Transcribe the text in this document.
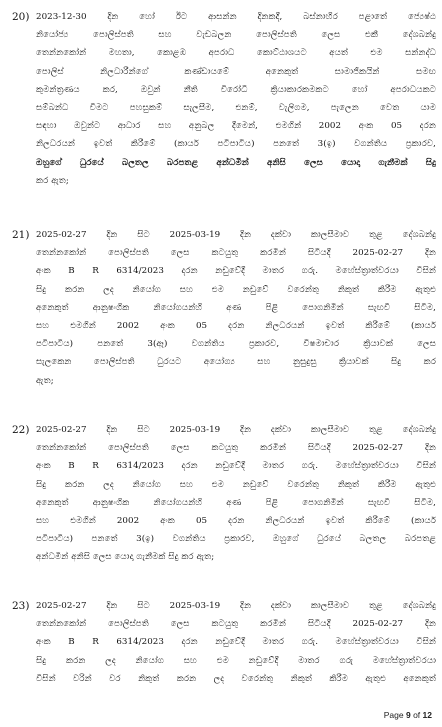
20) 2023-12-30 දින හෝ ඊට ආසන්න දිනකදී, බස්නාහිර පළාතේ ජ්‍යෙෂ්ඨ
නියෝජ්‍ය පොලිස්පති සහ වැඩබලන පොලිස්පති ලෙස එකී දේශබන්දු
තෙන්නකෝන් මහතා, කොළඹ අපරාධ කොට්ඨාශයට අයත් එම සන්නද්ධ
පොලිස් නිලධාරීන්ගේ කණ්ඩායමේ අනෙකුත් සාමාජිකයින් සමඟ
කුමන්ත්‍රණය කර, ඔවුන් නීති විරෝධී ක්‍රියාකාරකමකට හෝ අපරාධයකට
සම්බන්ධ වීමට පහසුකම් සැලසීම, එනම්, වැලිගම, පැලෙන වෙත යාම
සඳහා ඔවුන්ට ආධාර සහ අනුබල දීමෙන්, එමගින් 2002 අංක 05 දරන
නිලධරයන් ඉවත් කිරීමේ (කාර්ය පටිපාටිය) පනතේ 3(ඉ) වගන්තිය ප්‍රකාරව,
ඔහුගේ ධුරයේ බලතල බරපතළ අන්ධමින් අනිසි ලෙස යොදා ගැනීමක් සිදු
කර ඇත;
21) 2025-02-27 දින සිට 2025-03-19 දින දක්වා කාලසීමාව තුළ දේශබන්දු
තෙන්නකෝන් පොලිස්පති ලෙස කටයුතු කරමින් සිටියදී 2025-02-27 දින
අංක B R 6314/2023 දරන නඩුවේදී මාතර ගරු. මහේස්ත්‍රාත්වරයා විසින්
සිදු කරන ලද නියෝග සහ එම නඩුවේ වරෙන්තු නිකුත් කිරීම ඇතුළු
අනෙකුත් ආනුෂංගික නියෝගයන්හි අණ පිළි පොගනිමින් සැඟවී සිටීම,
සහ එමගින් 2002 අංක 05 දරන නිලධරයන් ඉවත් කිරීමේ (කාර්ය
පටිපාටිය) පනතේ 3(ඈ) වගන්තිය ප්‍රකාරව, විෂමාචාර ක්‍රියාවක් ලෙස
සැලකෙන පොලිස්පති ධුරයට අයෝග්‍ය සහ නුසුදුසු ක්‍රියාවක් සිදු කර
ඇත;
22) 2025-02-27 දින සිට 2025-03-19 දින දක්වා කාලසීමාව තුළ දේශබන්දු
තෙන්නකෝන් පොලිස්පති ලෙස කටයුතු කරමින් සිටියදී 2025-02-27 දින
අංක B R 6314/2023 දරන නඩුවේදී මාතර ගරු. මහේස්ත්‍රාත්වරයා විසින්
සිදු කරන ලද නියෝග සහ එම නඩුවේ වරෙන්තු නිකුත් කිරීම ඇතුළු
අනෙකුත් ආනුෂංගික නියෝගයන්හි අණ පිළි පොගනිමින් සැඟවී සිටීම,
සහ එමගින් 2002 අංක 05 දරන නිලධරයන් ඉවත් කිරීමේ (කාර්ය
පටිපාටිය) පනතේ 3(ඉ) වගන්තිය ප්‍රකාරව, ඔහුගේ ධුරයේ බලතල බරපතළ
අන්ධමින් අනිසි ලෙස යොදා ගැනීමක් සිදු කර ඇත;
23) 2025-02-27 දින සිට 2025-03-19 දින දක්වා කාලසීමාව තුළ දේශබන්දු
තෙන්නකෝන් පොලිස්පති ලෙස කටයුතු කරමින් සිටියදී 2025-02-27 දින
අංක B R 6314/2023 දරන නඩුවේදී මාතර ගරු. මහේස්ත්‍රාත්වරයා විසින්
සිදු කරන ලද නියෝග සහ එම නඩුවේදී මාතර ගරු මහේස්ත්‍රාත්වරයා
විසින් වරින් වර නිකුත් කරන ලද වරෙන්තු නිකුත් කිරීම ඇතුළු අනෙකුත්
Page 9 of 12
